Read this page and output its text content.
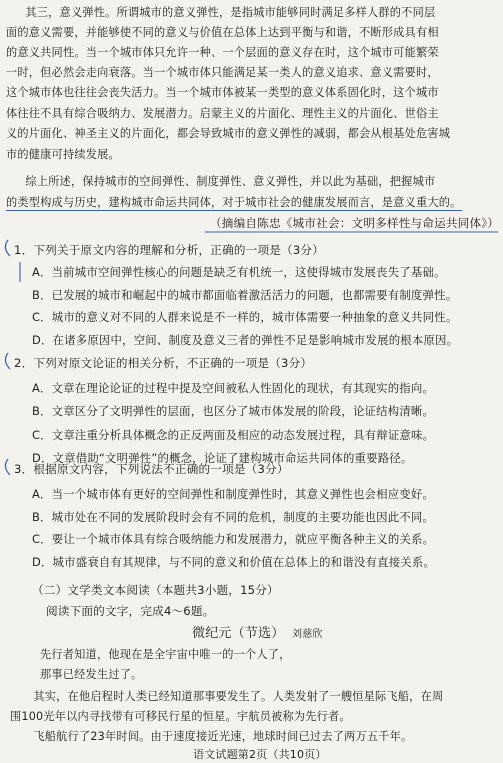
　其三，意义弹性。所谓城市的意义弹性，是指城市能够同时满足多样人群的不同层
面的意义需要，并能够使不同的意义与价值在总体上达到平衡与和谐，不断形成具有相
的意义共同性。当一个城市体只允许一种、一个层面的意义存在时，这个城市可能繁荣
一时，但必然会走向衰落。当一个城市体只能满足某一类人的意义追求、意义需要时，
这个城市体也往往会丧失活力。当一个城市体被某一类型的意义体系固化时，这个城市
体往往不具有综合吸纳力、发展潜力。启蒙主义的片面化、理性主义的片面化、世俗主
义的片面化、神圣主义的片面化，都会导致城市的意义弹性的减弱，都会从根基处危害城
市的健康可持续发展。
　综上所述，保持城市的空间弹性、制度弹性、意义弹性，并以此为基础，把握城市
的类型构成与历史，建构城市命运共同体，对于城市社会的健康发展而言，是意义重大的。
（摘编自陈忠《城市社会：文明多样性与命运共同体》）
1．下列关于原文内容的理解和分析，正确的一项是（3分）
A．当前城市空间弹性核心的问题是缺乏有机统一，这使得城市发展丧失了基础。
B．已发展的城市和崛起中的城市都面临着激活活力的问题，也都需要有制度弹性。
C．城市的意义对不同的人群来说是不一样的，城市体需要一种抽象的意义共同性。
D．在诸多原因中，空间、制度及意义三者的弹性不足是影响城市发展的根本原因。
2．下列对原文论证的相关分析，不正确的一项是（3分）
A．文章在理论论证的过程中提及空间被私人性固化的现状，有其现实的指向。
B．文章区分了文明弹性的层面，也区分了城市体发展的阶段，论证结构清晰。
C．文章注重分析具体概念的正反两面及相应的动态发展过程，具有辩证意味。
D．文章借助“文明弹性”的概念，论证了建构城市命运共同体的重要路径。
3．根据原文内容，下列说法不正确的一项是（3分）
A．当一个城市体有更好的空间弹性和制度弹性时，其意义弹性也会相应变好。
B．城市处在不同的发展阶段时会有不同的危机，制度的主要功能也因此不同。
C．要让一个城市体具有综合吸纳能力和发展潜力，就应平衡各种主义的关系。
D．城市盛衰自有其规律，与不同的意义和价值在总体上的和谐没有直接关系。
（二）文学类文本阅读（本题共3小题，15分）
阅读下面的文字，完成4～6题。
微纪元（节选） 刘慈欣
先行者知道，他现在是全宇宙中唯一的一个人了，
那事已经发生过了。
　其实，在他启程时人类已经知道那事要发生了。人类发射了一艘恒星际飞船，在周
围100光年以内寻找带有可移民行星的恒星。宇航员被称为先行者。
　飞船航行了23年时间。由于速度接近光速，地球时间已过去了两万五千年。
语文试题第2页（共10页）
